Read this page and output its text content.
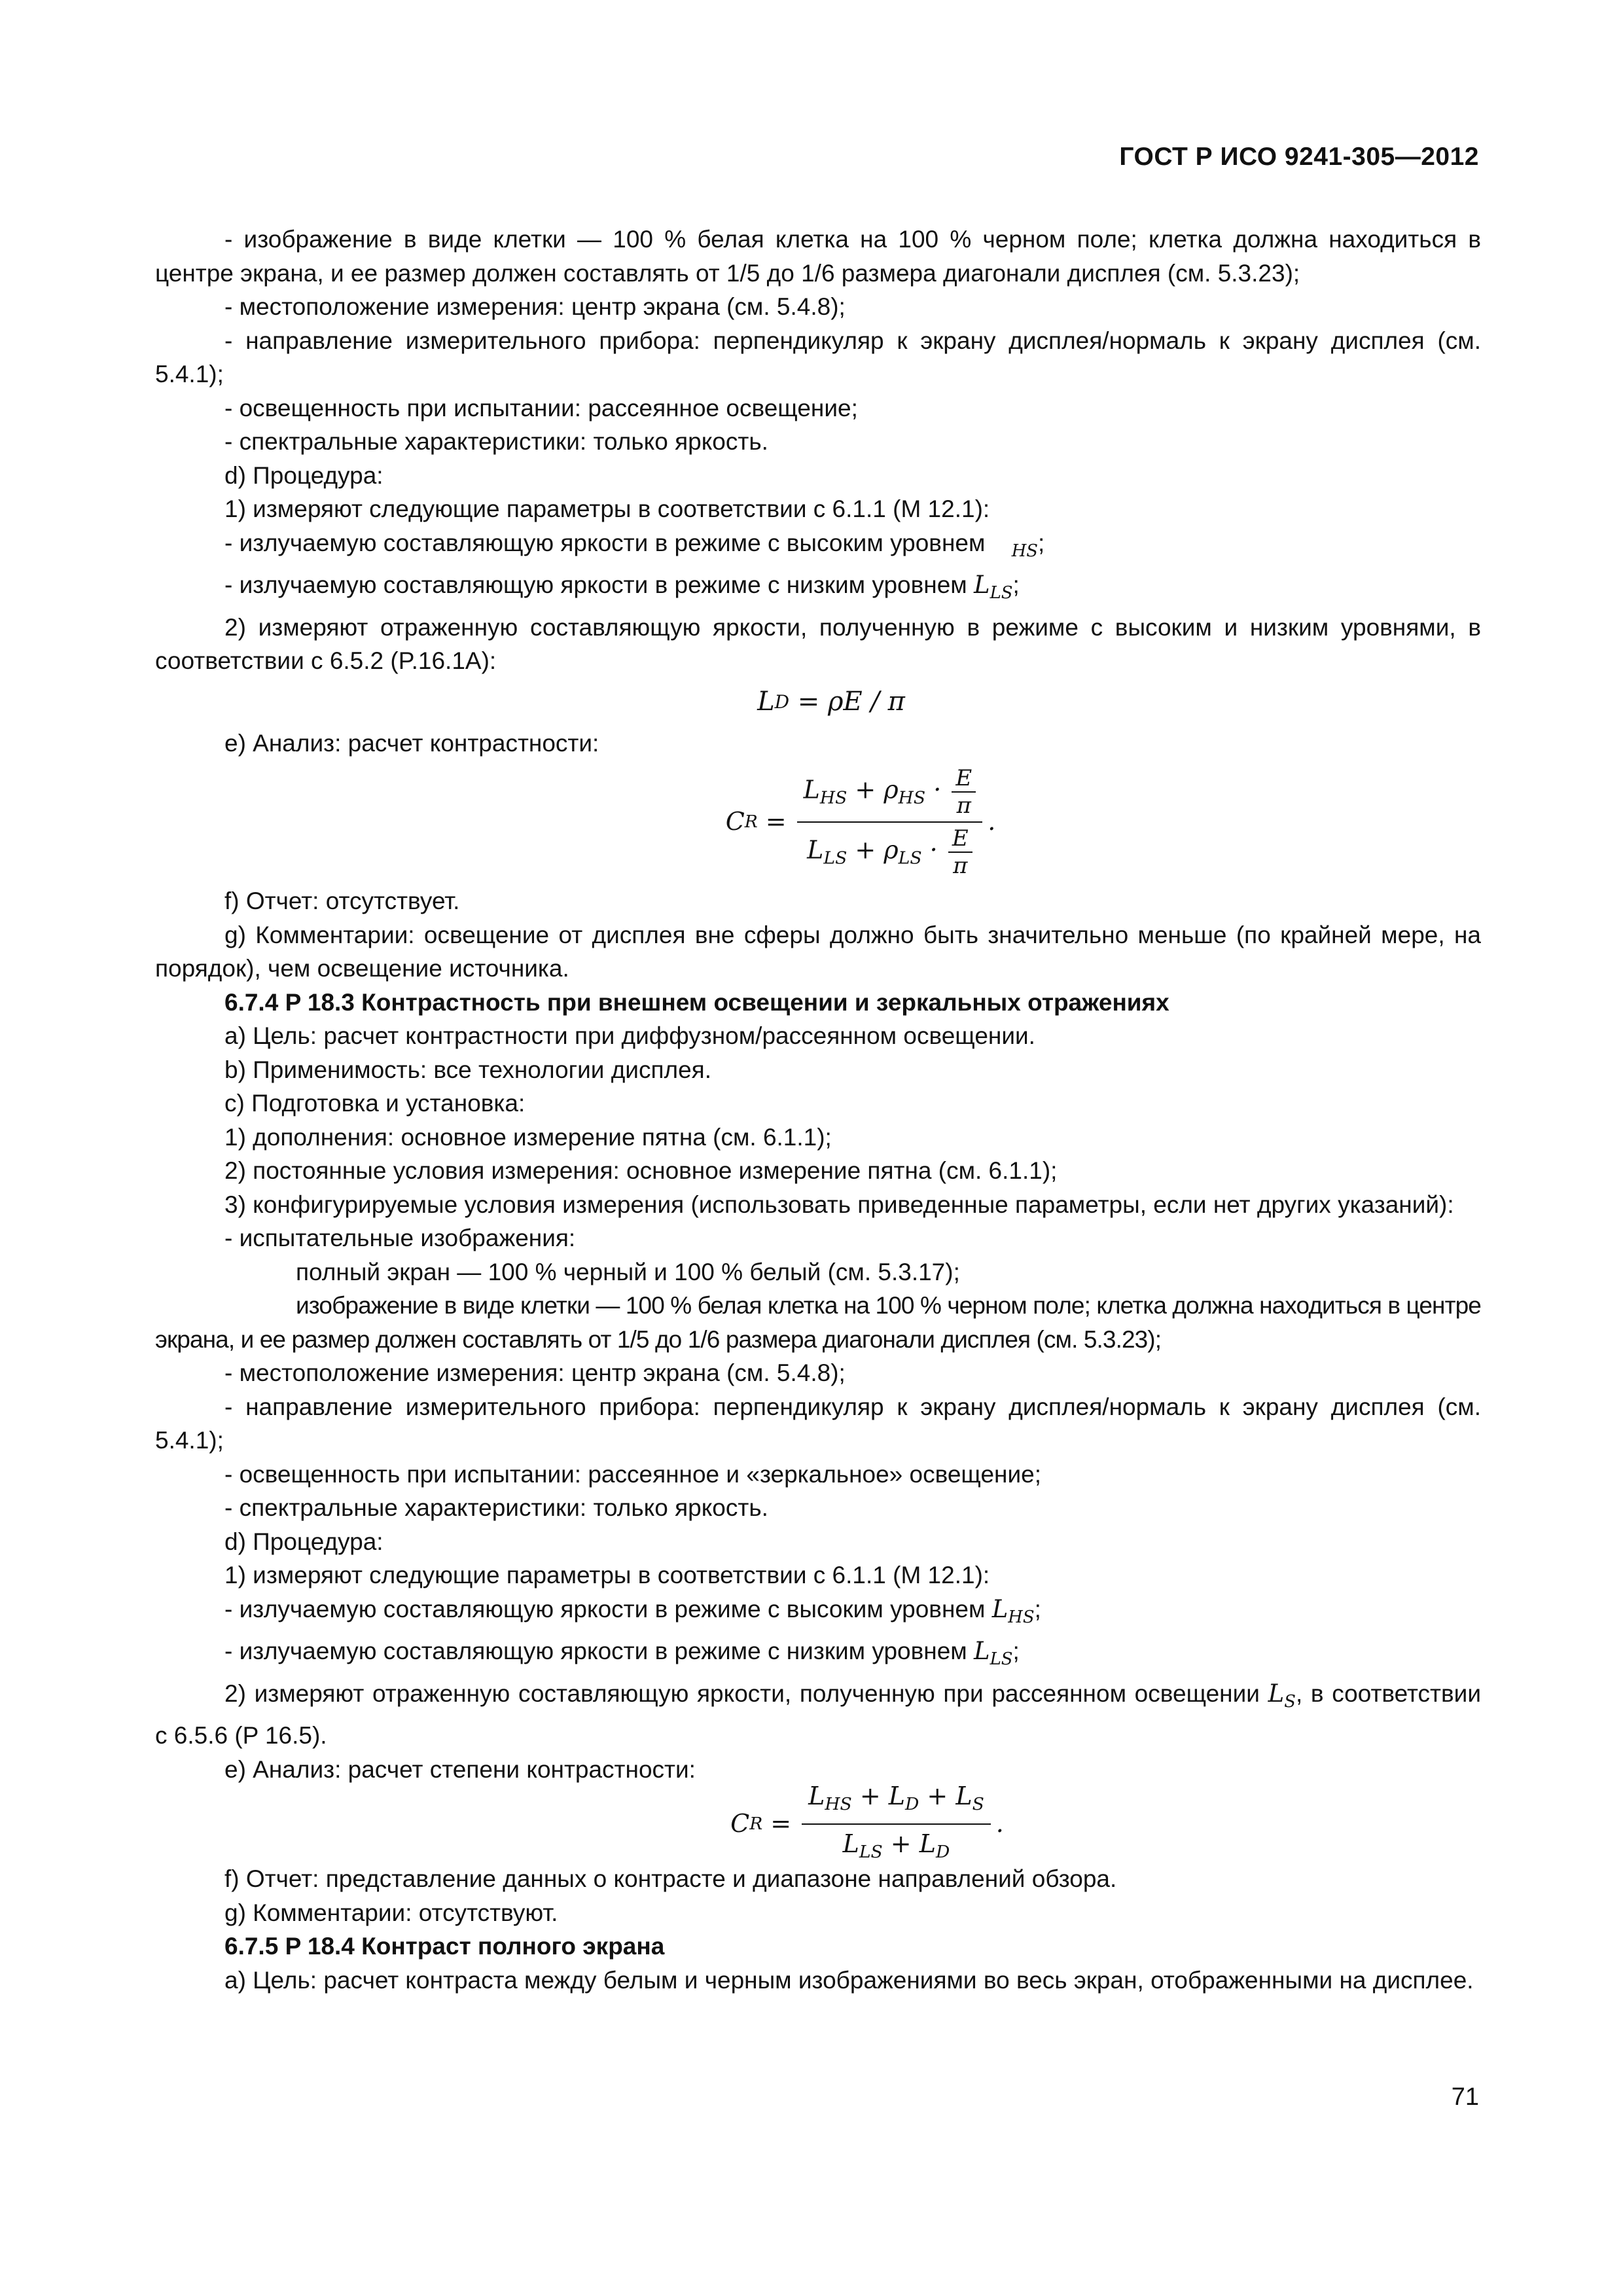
ГОСТ Р ИСО 9241-305—2012

- изображение в виде клетки — 100 % белая клетка на 100 % черном поле; клетка должна находиться в центре экрана, и ее размер должен составлять от 1/5 до 1/6 размера диагонали дисплея (см. 5.3.23);

- местоположение измерения: центр экрана (см. 5.4.8);

- направление измерительного прибора: перпендикуляр к экрану дисплея/нормаль к экрану дисплея (см. 5.4.1);

- освещенность при испытании: рассеянное освещение;

- спектральные характеристики: только яркость.

d) Процедура:

1) измеряют следующие параметры в соответствии с 6.1.1 (М 12.1):

- излучаемую составляющую яркости в режиме с высоким уровнем $_{HS}$;

- излучаемую составляющую яркости в режиме с низким уровнем $L_{LS}$;

2) измеряют отраженную составляющую яркости, полученную в режиме с высоким и низким уровнями, в соответствии с 6.5.2 (P.16.1A):

L D
= ρE / π

e) Анализ: расчет контрастности:

C $R = \frac{L_{HS} + \rho_{HS} \cdot \frac{E}{\pi}}{L_{LS} + \rho_{LS} \cdot \frac{E}{\pi}}$ .

f) Отчет: отсутствует.

g) Комментарии: освещение от дисплея вне сферы должно быть значительно меньше (по крайней мере, на порядок), чем освещение источника.

6.7.4 P 18.3 Контрастность при внешнем освещении и зеркальных отражениях

a) Цель: расчет контрастности при диффузном/рассеянном освещении.

b) Применимость: все технологии дисплея.

c) Подготовка и установка:

1) дополнения: основное измерение пятна (см. 6.1.1);

2) постоянные условия измерения: основное измерение пятна (см. 6.1.1);

3) конфигурируемые условия измерения (использовать приведенные параметры, если нет других указаний):

- испытательные изображения:

полный экран — 100 % черный и 100 % белый (см. 5.3.17);

изображение в виде клетки — 100 % белая клетка на 100 % черном поле; клетка должна находиться в центре экрана, и ее размер должен составлять от 1/5 до 1/6 размера диагонали дисплея (см. 5.3.23);

- местоположение измерения: центр экрана (см. 5.4.8);

- направление измерительного прибора: перпендикуляр к экрану дисплея/нормаль к экрану дисплея (см. 5.4.1);

- освещенность при испытании: рассеянное и «зеркальное» освещение;

- спектральные характеристики: только яркость.

d) Процедура:

1) измеряют следующие параметры в соответствии с 6.1.1 (М 12.1):

- излучаемую составляющую яркости в режиме с высоким уровнем $L_{HS}$;

- излучаемую составляющую яркости в режиме с низким уровнем $L_{LS}$;

2) измеряют отраженную составляющую яркости, полученную при рассеянном освещении $L_S$, в соответствии с 6.5.6 (P 16.5).

e) Анализ: расчет степени контрастности:

C $R = \frac{L_{HS} + L_D + L_S}{L_{LS} + L_D}$ .

f) Отчет: представление данных о контрасте и диапазоне направлений обзора.

g) Комментарии: отсутствуют.

6.7.5 P 18.4 Контраст полного экрана

a) Цель: расчет контраста между белым и черным изображениями во весь экран, отображенными на дисплее.

71
